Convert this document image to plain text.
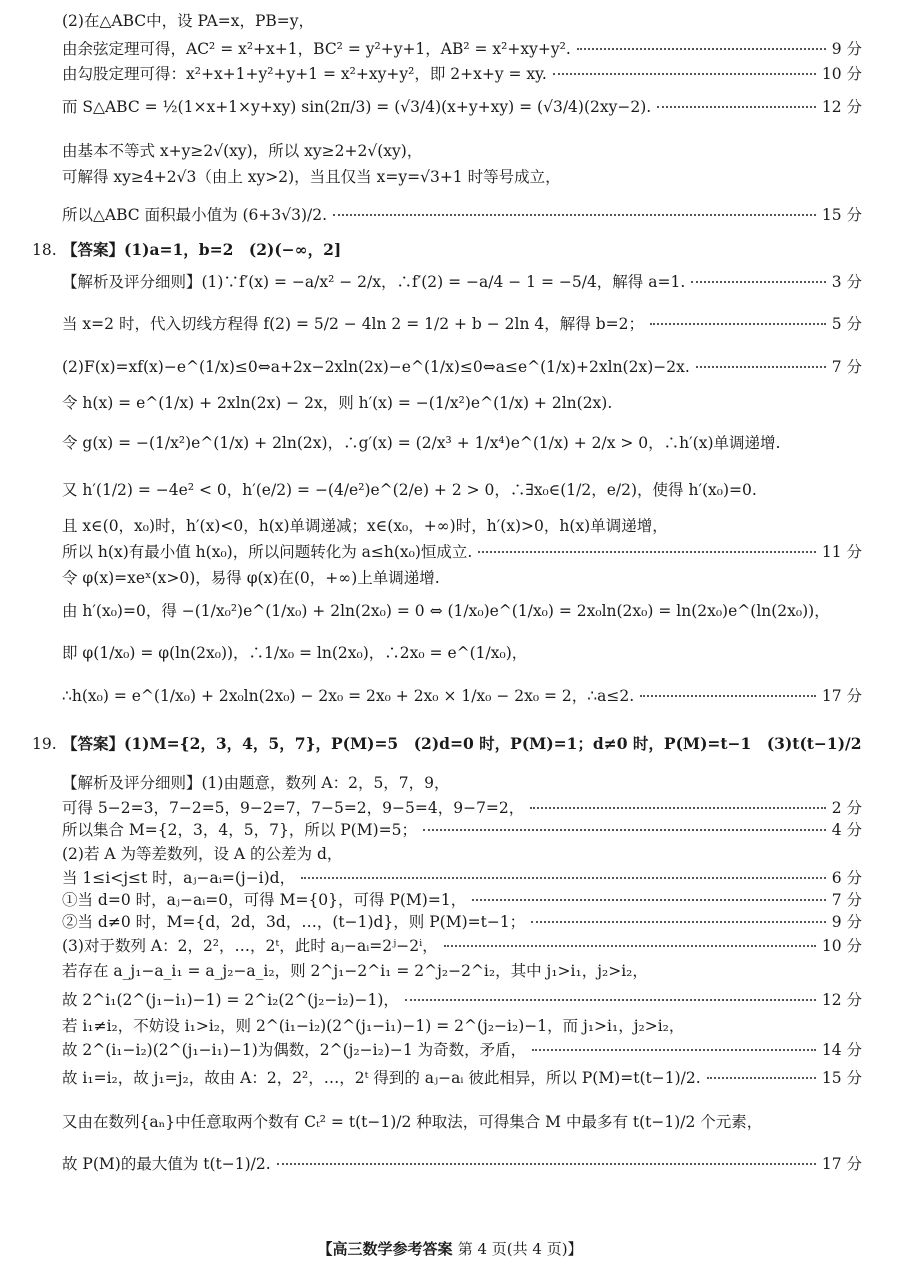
(2)在△ABC中，设 PA=x，PB=y，
由余弦定理可得，AC² = x²+x+1，BC² = y²+y+1，AB² = x²+xy+y².	9 分
由勾股定理可得：x²+x+1+y²+y+1 = x²+xy+y²，即 2+x+y = xy.	10 分
而 S△ABC = ½(1×x+1×y+xy) sin(2π/3) = (√3/4)(x+y+xy) = (√3/4)(2xy−2).	12 分
由基本不等式 x+y≥2√(xy)，所以 xy≥2+2√(xy)，
可解得 xy≥4+2√3（由上 xy>2)，当且仅当 x=y=√3+1 时等号成立，
所以△ABC 面积最小值为 (6+3√3)/2.	15 分
18. 【答案】(1)a=1，b=2　(2)(−∞，2]
【解析及评分细则】(1)∵f′(x) = −a/x² − 2/x，∴f′(2) = −a/4 − 1 = −5/4，解得 a=1.	3 分
当 x=2 时，代入切线方程得 f(2) = 5/2 − 4ln 2 = 1/2 + b − 2ln 4，解得 b=2；	5 分
(2)F(x)=xf(x)−e^(1/x)≤0⇔a+2x−2xln(2x)−e^(1/x)≤0⇔a≤e^(1/x)+2xln(2x)−2x.	7 分
令 h(x) = e^(1/x) + 2xln(2x) − 2x，则 h′(x) = −(1/x²)e^(1/x) + 2ln(2x).
令 g(x) = −(1/x²)e^(1/x) + 2ln(2x)，∴g′(x) = (2/x³ + 1/x⁴)e^(1/x) + 2/x > 0，∴h′(x)单调递增.
又 h′(1/2) = −4e² < 0，h′(e/2) = −(4/e²)e^(2/e) + 2 > 0，∴∃x₀∈(1/2，e/2)，使得 h′(x₀)=0.
且 x∈(0，x₀)时，h′(x)<0，h(x)单调递减；x∈(x₀，+∞)时，h′(x)>0，h(x)单调递增，
所以 h(x)有最小值 h(x₀)，所以问题转化为 a≤h(x₀)恒成立.	11 分
令 φ(x)=xeˣ(x>0)，易得 φ(x)在(0，+∞)上单调递增.
由 h′(x₀)=0，得 −(1/x₀²)e^(1/x₀) + 2ln(2x₀) = 0 ⇔ (1/x₀)e^(1/x₀) = 2x₀ln(2x₀) = ln(2x₀)e^(ln(2x₀))，
即 φ(1/x₀) = φ(ln(2x₀))，∴1/x₀ = ln(2x₀)，∴2x₀ = e^(1/x₀)，
∴h(x₀) = e^(1/x₀) + 2x₀ln(2x₀) − 2x₀ = 2x₀ + 2x₀ × 1/x₀ − 2x₀ = 2，∴a≤2.	17 分
19. 【答案】(1)M={2，3，4，5，7}，P(M)=5　(2)d=0 时，P(M)=1；d≠0 时，P(M)=t−1　(3)t(t−1)/2
【解析及评分细则】(1)由题意，数列 A：2，5，7，9，
可得 5−2=3，7−2=5，9−2=7，7−5=2，9−5=4，9−7=2，	2 分
所以集合 M={2，3，4，5，7}，所以 P(M)=5；	4 分
(2)若 A 为等差数列，设 A 的公差为 d，
当 1≤i<j≤t 时，aⱼ−aᵢ=(j−i)d，	6 分
①当 d=0 时，aⱼ−aᵢ=0，可得 M={0}，可得 P(M)=1，	7 分
②当 d≠0 时，M={d，2d，3d，…，(t−1)d}，则 P(M)=t−1；	9 分
(3)对于数列 A：2，2²，…，2ᵗ，此时 aⱼ−aᵢ=2ʲ−2ⁱ，	10 分
若存在 a_j₁−a_i₁ = a_j₂−a_i₂，则 2^j₁−2^i₁ = 2^j₂−2^i₂，其中 j₁>i₁，j₂>i₂，
故 2^i₁(2^(j₁−i₁)−1) = 2^i₂(2^(j₂−i₂)−1)，	12 分
若 i₁≠i₂，不妨设 i₁>i₂，则 2^(i₁−i₂)(2^(j₁−i₁)−1) = 2^(j₂−i₂)−1，而 j₁>i₁，j₂>i₂，
故 2^(i₁−i₂)(2^(j₁−i₁)−1)为偶数，2^(j₂−i₂)−1 为奇数，矛盾，	14 分
故 i₁=i₂，故 j₁=j₂，故由 A：2，2²，…，2ᵗ 得到的 aⱼ−aᵢ 彼此相异，所以 P(M)=t(t−1)/2.	15 分
又由在数列{aₙ}中任意取两个数有 Cₜ² = t(t−1)/2 种取法，可得集合 M 中最多有 t(t−1)/2 个元素，
故 P(M)的最大值为 t(t−1)/2.	17 分
【高三数学参考答案 第 4 页(共 4 页)】
